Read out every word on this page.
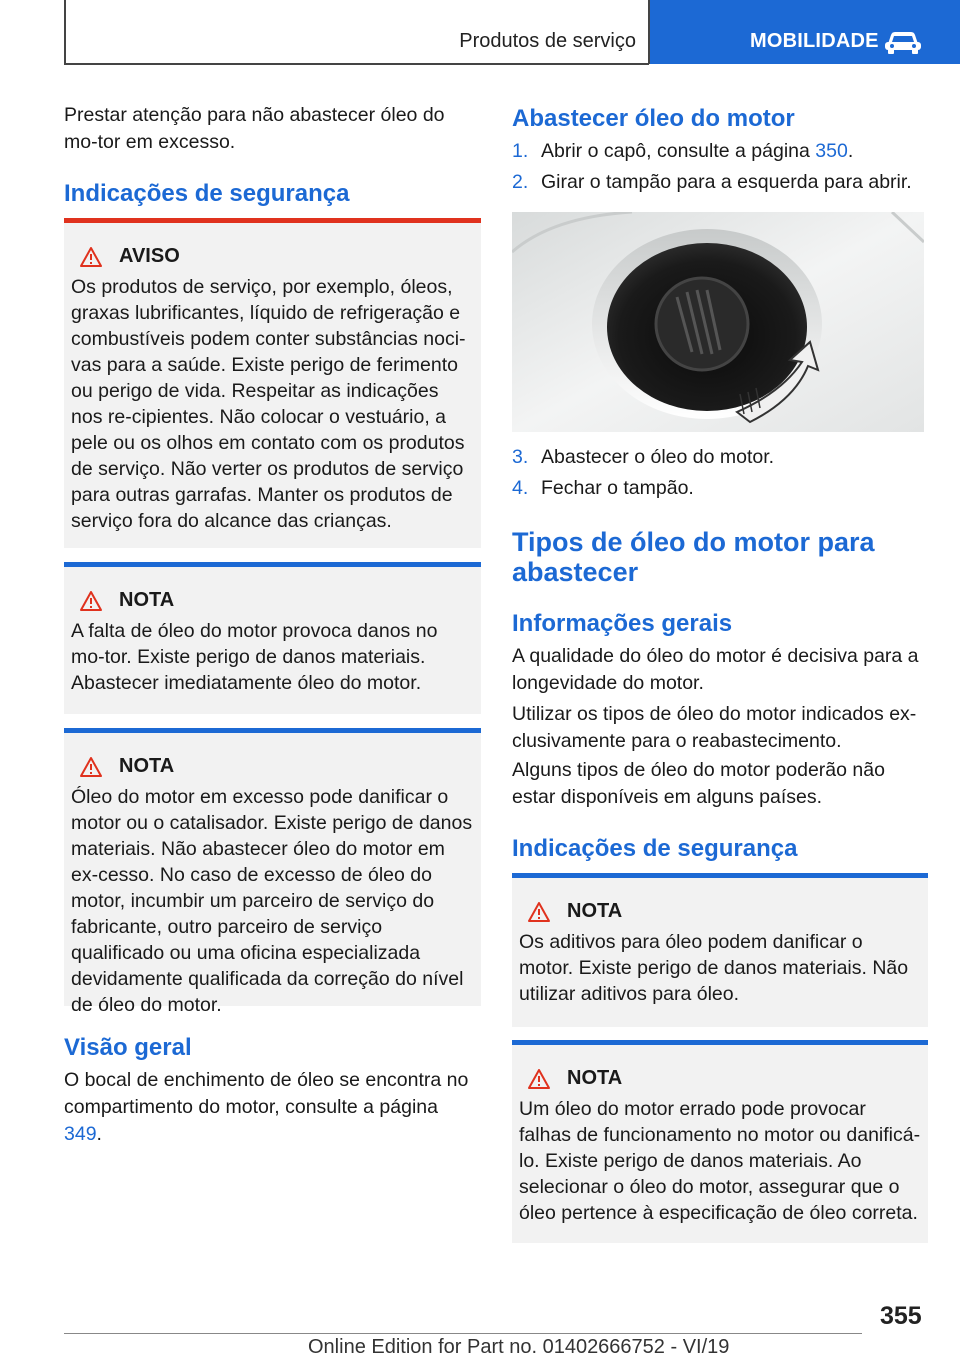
Produtos de serviço	MOBILIDADE

Prestar atenção para não abastecer óleo do mo-tor em excesso.

Indicações de segurança
AVISO
Os produtos de serviço, por exemplo, óleos, graxas lubrificantes, líquido de refrigeração e combustíveis podem conter substâncias noci-vas para a saúde. Existe perigo de ferimento ou perigo de vida. Respeitar as indicações nos re-cipientes. Não colocar o vestuário, a pele ou os olhos em contato com os produtos de serviço. Não verter os produtos de serviço para outras garrafas. Manter os produtos de serviço fora do alcance das crianças.
NOTA
A falta de óleo do motor provoca danos no mo-tor. Existe perigo de danos materiais. Abastecer imediatamente óleo do motor.
NOTA
Óleo do motor em excesso pode danificar o motor ou o catalisador. Existe perigo de danos materiais. Não abastecer óleo do motor em ex-cesso. No caso de excesso de óleo do motor, incumbir um parceiro de serviço do fabricante, outro parceiro de serviço qualificado ou uma oficina especializada devidamente qualificada da correção do nível de óleo do motor.
Visão geral

O bocal de enchimento de óleo se encontra no compartimento do motor, consulte a página 349.

Abastecer óleo do motor
1. Abrir o capô, consulte a página 350.
2. Girar o tampão para a esquerda para abrir.
3. Abastecer o óleo do motor.
4. Fechar o tampão.
Tipos de óleo do motor para abastecer
Informações gerais

A qualidade do óleo do motor é decisiva para a longevidade do motor.

Utilizar os tipos de óleo do motor indicados ex-clusivamente para o reabastecimento.

Alguns tipos de óleo do motor poderão não estar disponíveis em alguns países.

Indicações de segurança
NOTA
Os aditivos para óleo podem danificar o motor. Existe perigo de danos materiais. Não utilizar aditivos para óleo.
NOTA
Um óleo do motor errado pode provocar falhas de funcionamento no motor ou danificá-lo. Existe perigo de danos materiais. Ao selecionar o óleo do motor, assegurar que o óleo pertence à especificação de óleo correta.
355
Online Edition for Part no. 01402666752 - VI/19
